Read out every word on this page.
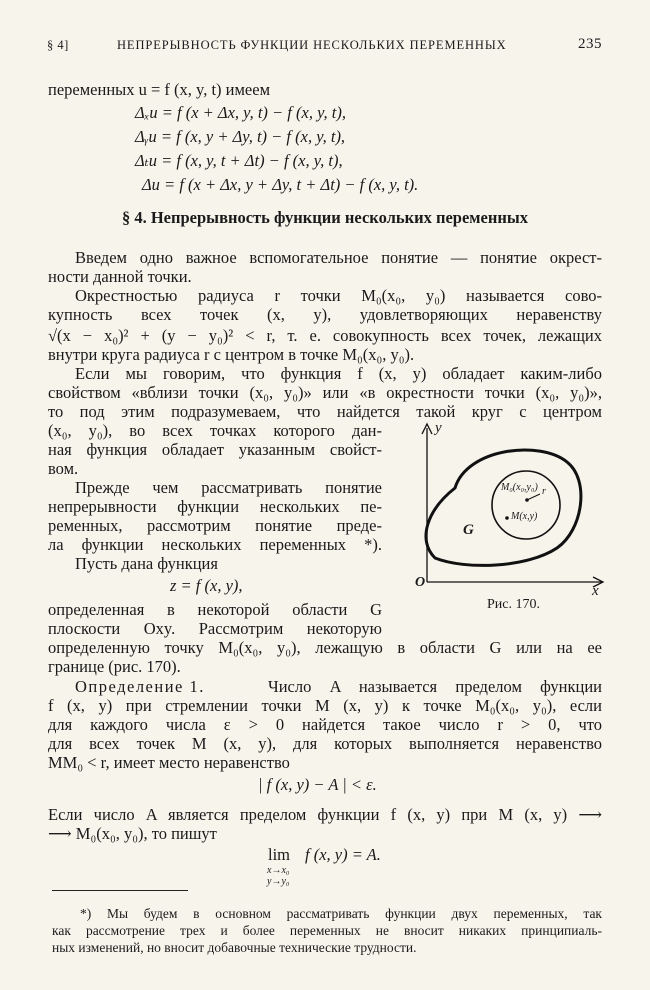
§ 4]	НЕПРЕРЫВНОСТЬ ФУНКЦИИ НЕСКОЛЬКИХ ПЕРЕМЕННЫХ	235
переменных u = f (x, y, t) имеем
Δₓu = f (x + Δx, y, t) − f (x, y, t),
Δᵧu = f (x, y + Δy, t) − f (x, y, t),
Δₜu = f (x, y, t + Δt) − f (x, y, t),
Δu = f (x + Δx, y + Δy, t + Δt) − f (x, y, t).
§ 4. Непрерывность функции нескольких переменных
Введем одно важное вспомогательное понятие — понятие окрест-
ности данной точки.
Окрестностью радиуса r точки M₀(x₀, y₀) называется сово-
купность всех точек (x, y), удовлетворяющих неравенству
√(x − x₀)² + (y − y₀)² < r, т. е. совокупность всех точек, лежащих
внутри круга радиуса r с центром в точке M₀(x₀, y₀).
Если мы говорим, что функция f (x, y) обладает каким-либо
свойством «вблизи точки (x₀, y₀)» или «в окрестности точки (x₀, y₀)»,
то под этим подразумеваем, что найдется такой круг с центром
(x₀, y₀), во всех точках которого дан-
ная функция обладает указанным свойст-
вом.
Прежде чем рассматривать понятие
непрерывности функции нескольких пе-
ременных, рассмотрим понятие преде-
ла функции нескольких переменных *).
Пусть дана функция
z = f (x, y),
определенная в некоторой области G
плоскости Oxy. Рассмотрим некоторую
определенную точку M₀(x₀, y₀), лежащую в области G или на ее
границе (рис. 170).
Определение 1.	Число A называется пределом функции
f (x, y) при стремлении точки M (x, y) к точке M₀(x₀, y₀), если
для каждого числа ε > 0 найдется такое число r > 0, что
для всех точек M (x, y), для которых выполняется неравенство
MM₀ < r, имеет место неравенство
| f (x, y) − A | < ε.
Если число A является пределом функции f (x, y) при M (x, y) ⟶
⟶ M₀(x₀, y₀), то пишут
lim f (x, y) = A.
x→x₀
y→y₀
y
x
O
G
M₀(x₀,y₀)
M(x,y)
r
Рис. 170.
*) Мы будем в основном рассматривать функции двух переменных, так
как рассмотрение трех и более переменных не вносит никаких принципиаль-
ных изменений, но вносит добавочные технические трудности.
